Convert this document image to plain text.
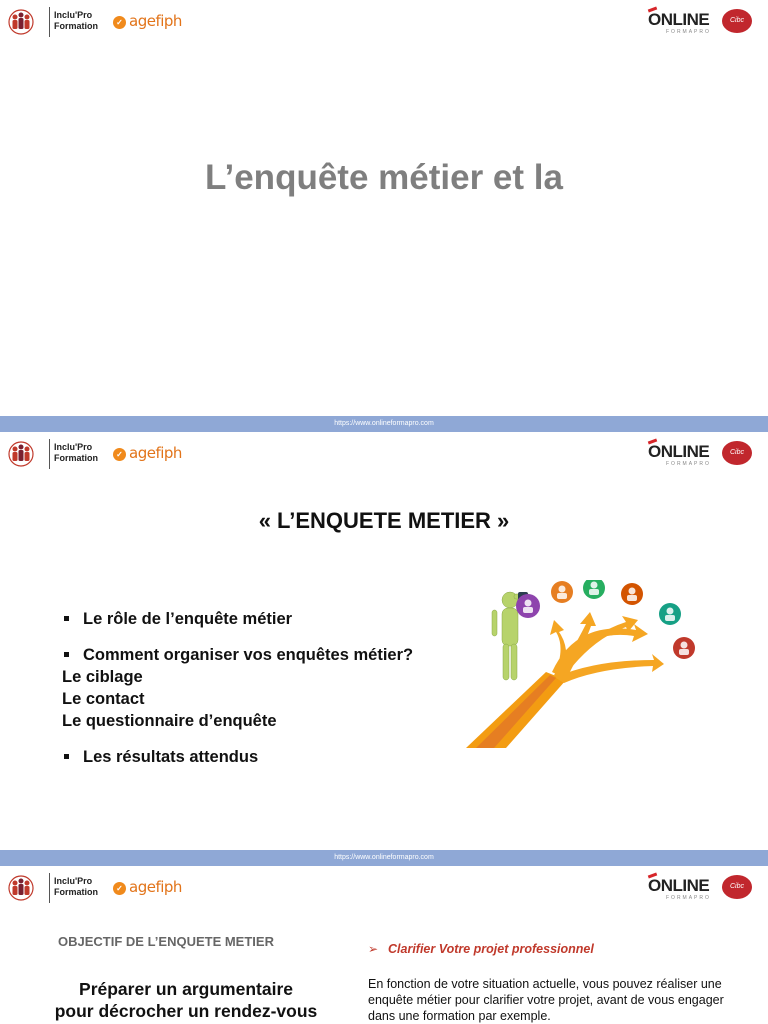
Inclu'Pro
Formation	✓ agefiph	ONLINE
FORMAPRO
Cibc
L’enquête métier et la
https://www.onlineformapro.com
Inclu'Pro
Formation	✓ agefiph	ONLINE
FORMAPRO
Cibc
« L’ENQUETE METIER »
Le rôle de l’enquête métier
Comment organiser vos enquêtes métier?
Le ciblage
Le contact
Le questionnaire d’enquête
Les résultats attendus
https://www.onlineformapro.com
Inclu'Pro
Formation	✓ agefiph	ONLINE
FORMAPRO
Cibc
OBJECTIF DE L’ENQUETE METIER
Préparer un argumentaire
pour décrocher un rendez-vous
➢ Clarifier Votre projet professionnel
En fonction de votre situation actuelle, vous pouvez réaliser une enquête métier pour clarifier votre projet, avant de vous engager dans une formation par exemple.
